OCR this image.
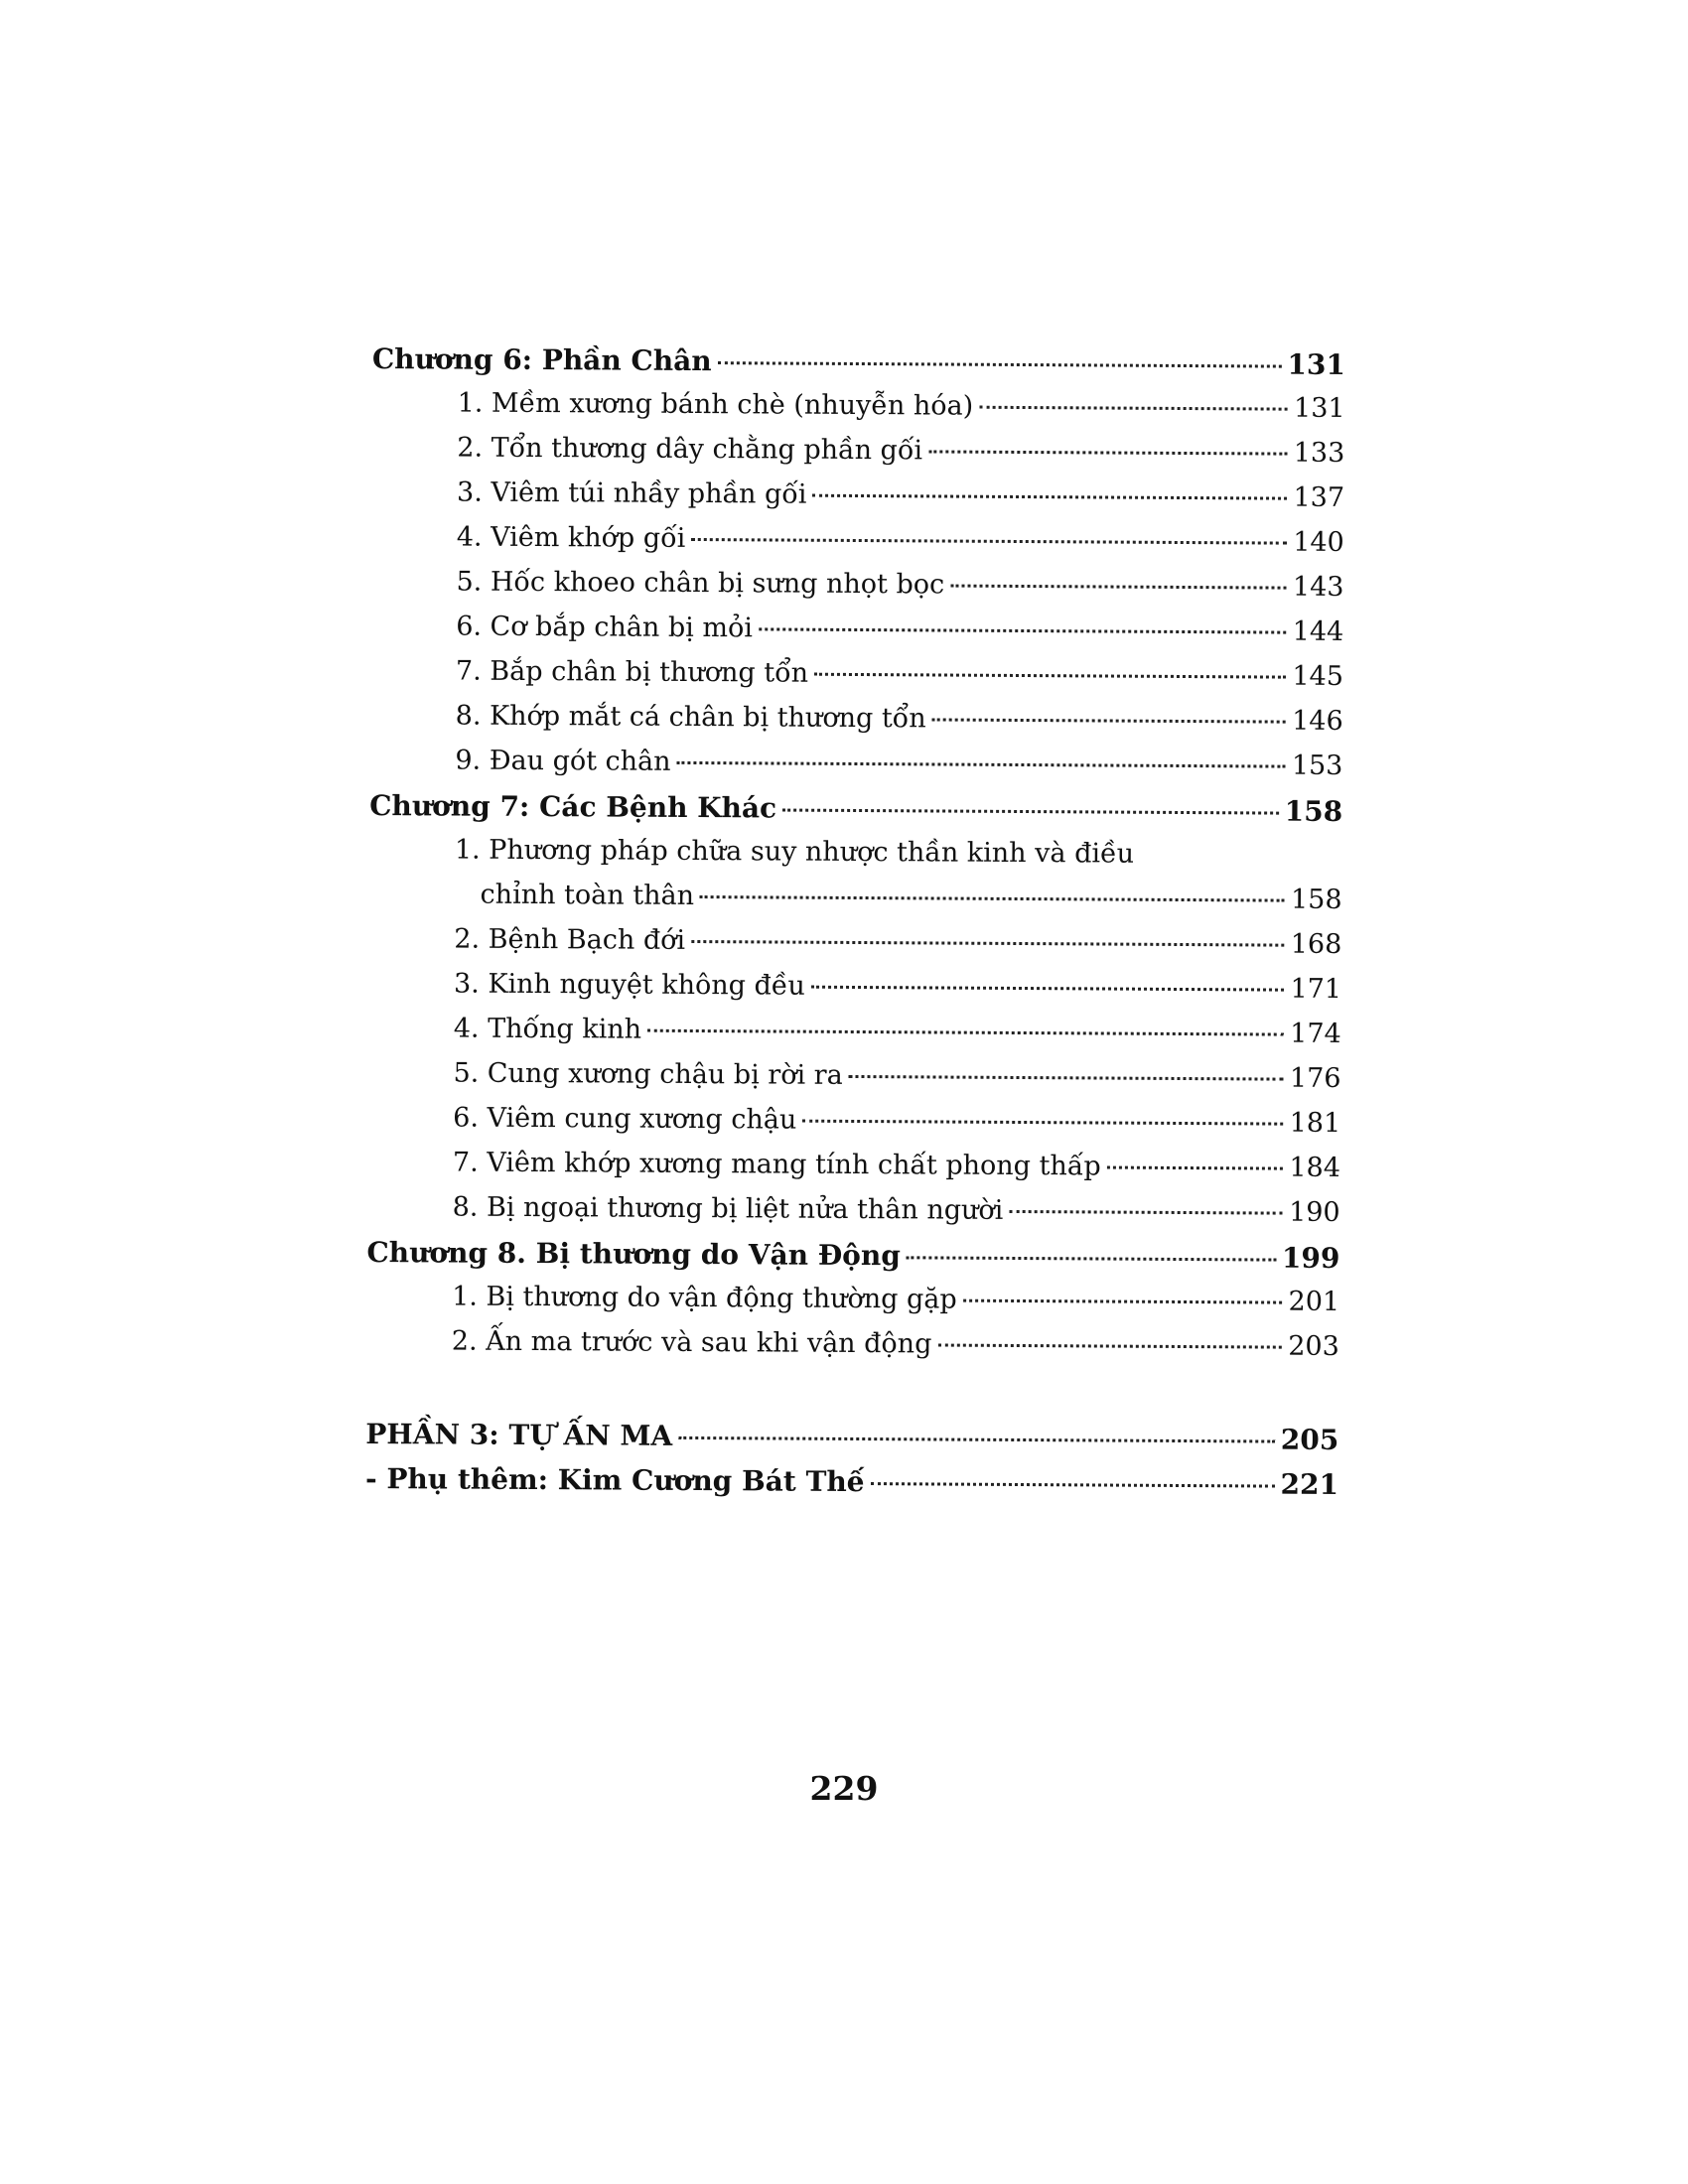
Chương 6: Phần Chân	131
1. Mềm xương bánh chè (nhuyễn hóa)	131
2. Tổn thương dây chằng phần gối	133
3. Viêm túi nhầy phần gối	137
4. Viêm khớp gối	140
5. Hốc khoeo chân bị sưng nhọt bọc	143
6. Cơ bắp chân bị mỏi	144
7. Bắp chân bị thương tổn	145
8. Khớp mắt cá chân bị thương tổn	146
9. Đau gót chân	153
Chương 7: Các Bệnh Khác	158
1. Phương pháp chữa suy nhược thần kinh và điều
chỉnh toàn thân	158
2. Bệnh Bạch đới	168
3. Kinh nguyệt không đều	171
4. Thống kinh	174
5. Cung xương chậu bị rời ra	176
6. Viêm cung xương chậu	181
7. Viêm khớp xương mang tính chất phong thấp	184
8. Bị ngoại thương bị liệt nửa thân người	190
Chương 8. Bị thương do Vận Động	199
1. Bị thương do vận động thường gặp	201
2. Ấn ma trước và sau khi vận động	203
PHẦN 3: TỰ ẤN MA	205
- Phụ thêm: Kim Cương Bát Thế	221
229
